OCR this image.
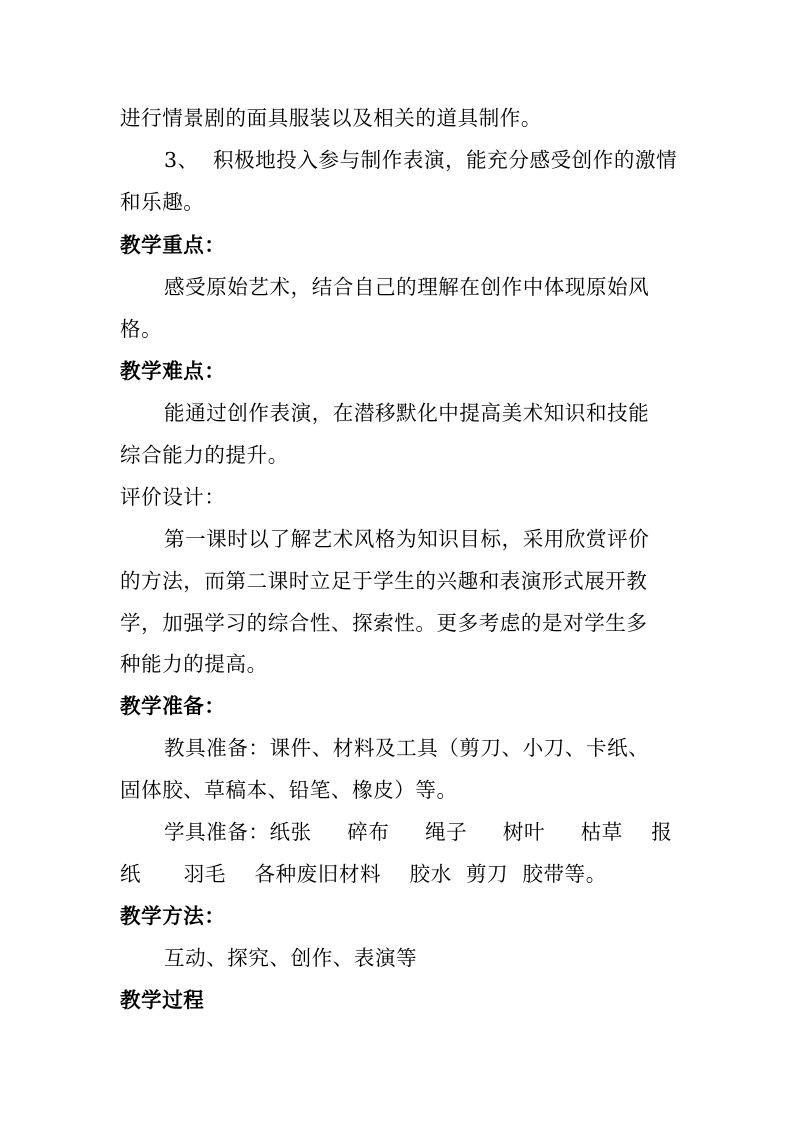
进行情景剧的面具服装以及相关的道具制作。
3、  积极地投入参与制作表演，能充分感受创作的激情
和乐趣。
教学重点：
感受原始艺术，结合自己的理解在创作中体现原始风
格。
教学难点：
能通过创作表演，在潜移默化中提高美术知识和技能
综合能力的提升。
评价设计：
第一课时以了解艺术风格为知识目标，采用欣赏评价
的方法，而第二课时立足于学生的兴趣和表演形式展开教
学，加强学习的综合性、探索性。更多考虑的是对学生多
种能力的提高。
教学准备：
教具准备：课件、材料及工具（剪刀、小刀、卡纸、
固体胶、草稿本、铅笔、橡皮）等。
学具准备：纸张     碎布     绳子     树叶     枯草    报
纸      羽毛    各种废旧材料    胶水  剪刀  胶带等。
教学方法：
互动、探究、创作、表演等
教学过程
